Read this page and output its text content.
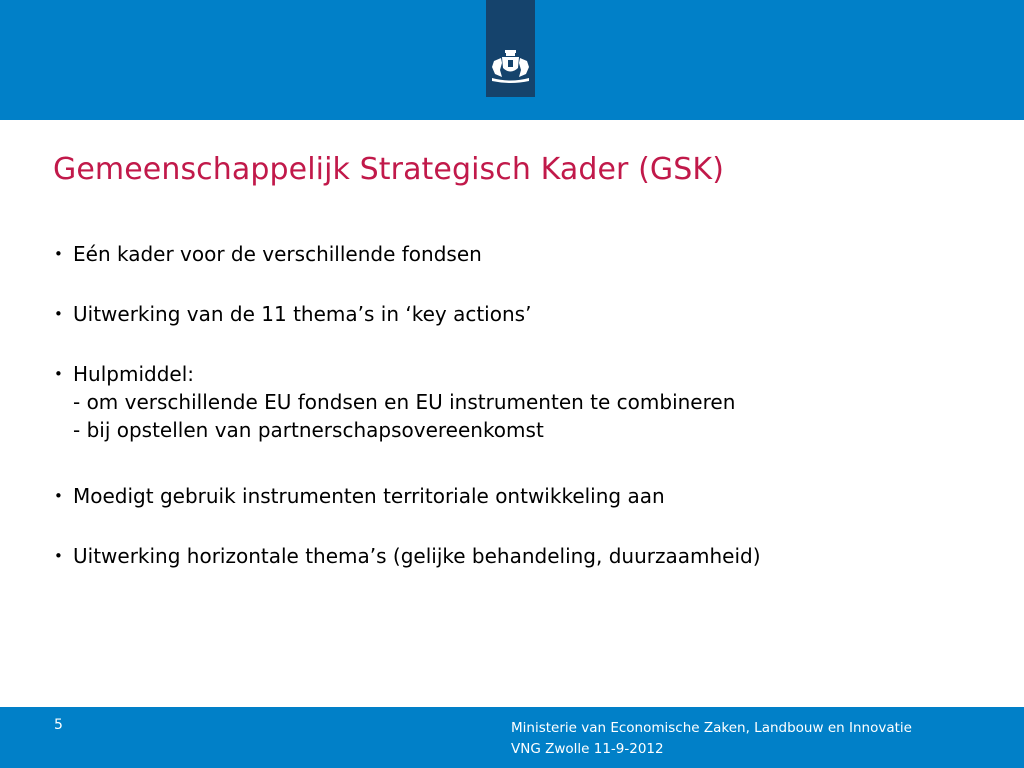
Gemeenschappelijk Strategisch Kader (GSK)
• Eén kader voor de verschillende fondsen
• Uitwerking van de 11 thema’s in ‘key actions’
• Hulpmiddel:
- om verschillende EU fondsen en EU instrumenten te combineren
- bij opstellen van partnerschapsovereenkomst
• Moedigt gebruik instrumenten territoriale ontwikkeling aan
• Uitwerking horizontale thema’s (gelijke behandeling, duurzaamheid)
5	Ministerie van Economische Zaken, Landbouw en Innovatie
VNG Zwolle 11-9-2012
